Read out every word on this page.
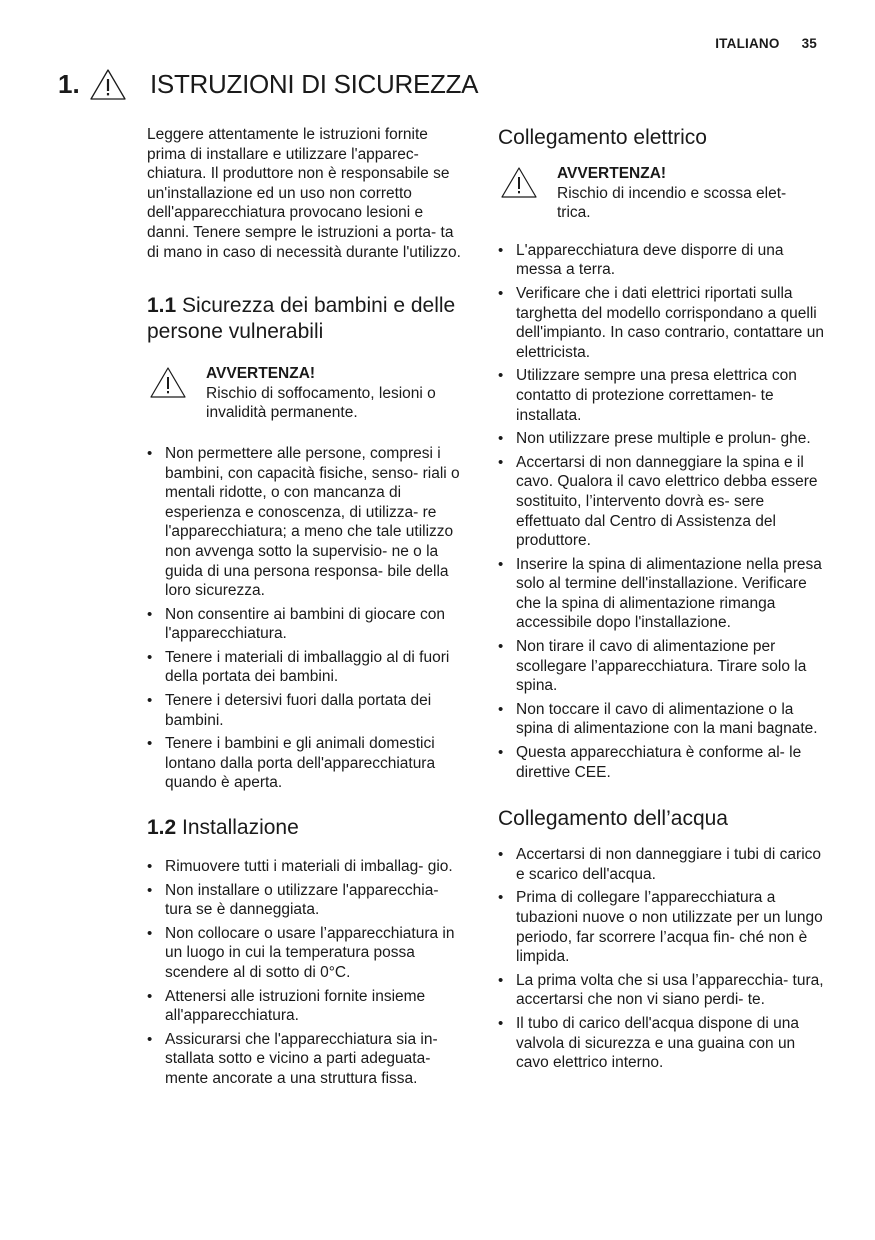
ITALIANO 35
1.	ISTRUZIONI DI SICUREZZA

Leggere attentamente le istruzioni fornite prima di installare e utilizzare l'apparec- chiatura. Il produttore non è responsabile se un'installazione ed un uso non corretto dell'apparecchiatura provocano lesioni e danni. Tenere sempre le istruzioni a porta- ta di mano in caso di necessità durante l'utilizzo.

1.1 Sicurezza dei bambini e delle persone vulnerabili
AVVERTENZA!
Rischio di soffocamento, lesioni o invalidità permanente.
• Non permettere alle persone, compresi i bambini, con capacità fisiche, senso- riali o mentali ridotte, o con mancanza di esperienza e conoscenza, di utilizza- re l'apparecchiatura; a meno che tale utilizzo non avvenga sotto la supervisio- ne o la guida di una persona responsa- bile della loro sicurezza.
• Non consentire ai bambini di giocare con l'apparecchiatura.
• Tenere i materiali di imballaggio al di fuori della portata dei bambini.
• Tenere i detersivi fuori dalla portata dei bambini.
• Tenere i bambini e gli animali domestici lontano dalla porta dell'apparecchiatura quando è aperta.
1.2 Installazione
• Rimuovere tutti i materiali di imballag- gio.
• Non installare o utilizzare l'apparecchia- tura se è danneggiata.
• Non collocare o usare l’apparecchiatura in un luogo in cui la temperatura possa scendere al di sotto di 0°C.
• Attenersi alle istruzioni fornite insieme all'apparecchiatura.
• Assicurarsi che l'apparecchiatura sia in- stallata sotto e vicino a parti adeguata- mente ancorate a una struttura fissa.
Collegamento elettrico
AVVERTENZA!
Rischio di incendio e scossa elet- trica.
• L'apparecchiatura deve disporre di una messa a terra.
• Verificare che i dati elettrici riportati sulla targhetta del modello corrispondano a quelli dell'impianto. In caso contrario, contattare un elettricista.
• Utilizzare sempre una presa elettrica con contatto di protezione correttamen- te installata.
• Non utilizzare prese multiple e prolun- ghe.
• Accertarsi di non danneggiare la spina e il cavo. Qualora il cavo elettrico debba essere sostituito, l’intervento dovrà es- sere effettuato dal Centro di Assistenza del produttore.
• Inserire la spina di alimentazione nella presa solo al termine dell'installazione. Verificare che la spina di alimentazione rimanga accessibile dopo l'installazione.
• Non tirare il cavo di alimentazione per scollegare l’apparecchiatura. Tirare solo la spina.
• Non toccare il cavo di alimentazione o la spina di alimentazione con la mani bagnate.
• Questa apparecchiatura è conforme al- le direttive CEE.
Collegamento dell’acqua
• Accertarsi di non danneggiare i tubi di carico e scarico dell'acqua.
• Prima di collegare l’apparecchiatura a tubazioni nuove o non utilizzate per un lungo periodo, far scorrere l’acqua fin- ché non è limpida.
• La prima volta che si usa l’apparecchia- tura, accertarsi che non vi siano perdi- te.
• Il tubo di carico dell'acqua dispone di una valvola di sicurezza e una guaina con un cavo elettrico interno.
